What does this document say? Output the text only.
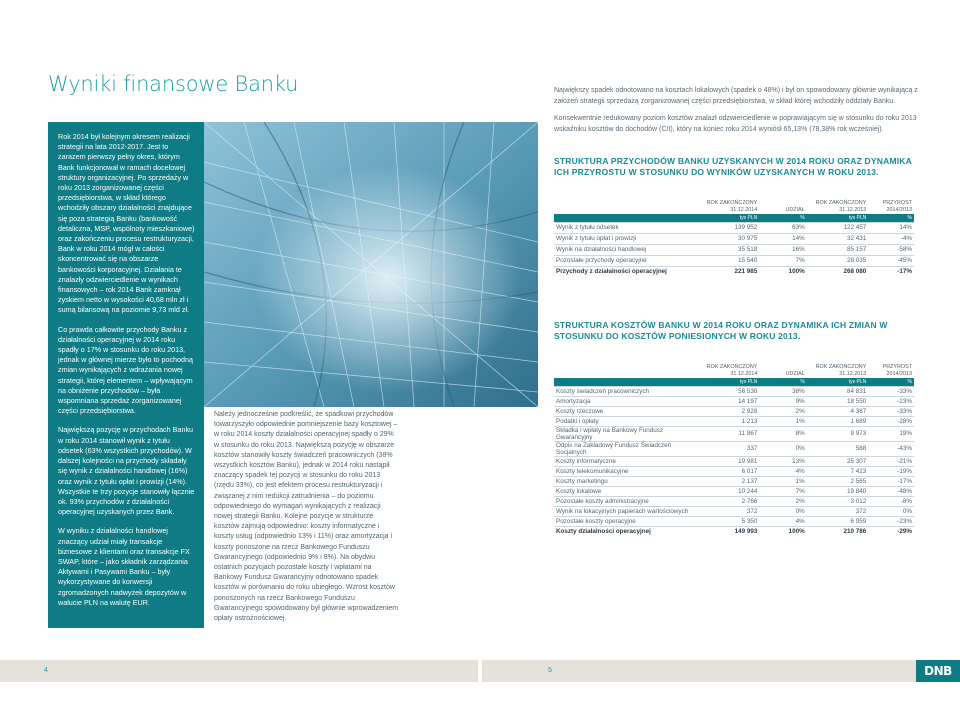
Wyniki finansowe Banku

Rok 2014 był kolejnym okresem realizacji strategii na lata 2012-2017. Jest to zarazem pierwszy pełny okres, którym Bank funkcjonował w ramach docelowej struktury organizacyjnej. Po sprzedaży w roku 2013 zorganizowanej części przedsiębiorstwa, w skład którego wchodziły obszary działalności znajdujące się poza strategią Banku (bankowość detaliczna, MSP, wspólnoty mieszkaniowe) oraz zakończeniu procesu restrukturyzacji, Bank w roku 2014 mógł w całości skoncentrować się na obszarze bankowości korporacyjnej. Działania te znalazły odzwierciedlenie w wynikach finansowych – rok 2014 Bank zamknął zyskiem netto w wysokości 40,68 mln zł i sumą bilansową na poziomie 9,73 mld zł.

Co prawda całkowite przychody Banku z działalności operacyjnej w 2014 roku spadły o 17% w stosunku do roku 2013, jednak w głównej mierze było to pochodną zmian wynikających z wdrażania nowej strategii, której elementem – wpływającym na obniżenie przychodów – była wspomniana sprzedaż zorganizowanej części przedsiębiorstwa.

Największą pozycję w przychodach Banku w roku 2014 stanowił wynik z tytułu odsetek (63% wszystkich przychodów). W dalszej kolejności na przychody składały się wynik z działalności handlowej (16%) oraz wynik z tytułu opłat i prowizji (14%). Wszystkie te trzy pozycje stanowiły łącznie ok. 93% przychodów z działalności operacyjnej uzyskanych przez Bank.

W wyniku z działalności handlowej znaczący udział miały transakcje biznesowe z klientami oraz transakcje FX SWAP, które – jako składnik zarządzania Aktywami i Pasywami Banku – były wykorzystywane do konwersji zgromadzonych nadwyżek depozytów w walucie PLN na walutę EUR.

Należy jednocześnie podkreślić, że spadkowi przychodów towarzyszyło odpowiednie pomniejszenie bazy kosztowej – w roku 2014 koszty działalności operacyjnej spadły o 29% w stosunku do roku 2013. Największą pozycję w obszarze kosztów stanowiły koszty świadczeń pracowniczych (38% wszystkich kosztów Banku), jednak w 2014 roku nastąpił znaczący spadek tej pozycji w stosunku do roku 2013 (rzędu 33%), co jest efektem procesu restrukturyzacji i związanej z nim redukcji zatrudnienia – do poziomu odpowiedniego do wymagań wynikających z realizacji nowej strategii Banku. Kolejne pozycje w strukturze kosztów zajmują odpowiednio: koszty informatyczne i koszty usług (odpowiednio 13% i 11%) oraz amortyzacja i koszty ponoszone na rzecz Bankowego Funduszu Gwarancyjnego (odpowiednio 9% i 8%). Na obydwu ostatnich pozycjach pozostałe koszty i wpłatami na Bankowy Fundusz Gwarancyjny odnotowano spadek kosztów w porównaniu do roku ubiegłego. Wzrost kosztów ponoszonych na rzecz Bankowego Funduszu Gwarancyjnego spowodowany był głównie wprowadzeniem opłaty ostrożnościowej.

Największy spadek odnotowano na kosztach lokalowych (spadek o 48%) i był on spowodowany głównie wynikającą z założeń strategii sprzedażą zorganizowanej części przedsiębiorstwa, w skład której wchodziły oddziały Banku.

Konsekwentnie redukowany poziom kosztów znalazł odzwierciedlenie w poprawiającym się w stosunku do roku 2013 wskaźniku kosztów do dochodów (C/I), który na koniec roku 2014 wyniósł 65,13% (78,38% rok wcześniej).

STRUKTURA PRZYCHODÓW BANKU UZYSKANYCH W 2014 ROKU ORAZ DYNAMIKA ICH PRZYROSTU W STOSUNKU DO WYNIKÓW UZYSKANYCH W ROKU 2013.
	ROK ZAKOŃCZONY 31.12.2014	UDZIAŁ	ROK ZAKOŃCZONY 31.12.2013	PRZYROST 2014/2013
	tys PLN	%	tys PLN	%
Wynik z tytułu odsetek	139 952	63%	122 457	14%
Wynik z tytułu opłat i prowizji	30 975	14%	32 431	-4%
Wynik na działalności handlowej	35 518	16%	85 157	-58%
Pozostałe przychody operacyjne	15 540	7%	28 035	-45%
Przychody z działalności operacyjnej	221 985	100%	268 080	-17%
STRUKTURA KOSZTÓW BANKU W 2014 ROKU ORAZ DYNAMIKA ICH ZMIAN W STOSUNKU DO KOSZTÓW PONIESIONYCH W ROKU 2013.
	ROK ZAKOŃCZONY 31.12.2014	UDZIAŁ	ROK ZAKOŃCZONY 31.12.2013	PRZYROST 2014/2013
	tys PLN	%	tys PLN	%
Koszty świadczeń pracowniczych	56 530	38%	84 831	-33%
Amortyzacja	14 197	9%	18 550	-23%
Koszty rzeczowe	2 928	2%	4 387	-33%
Podatki i opłaty	1 213	1%	1 689	-28%
Składka i wpłaty na Bankowy Fundusz Gwarancyjny	11 867	8%	9 973	19%
Odpis na Zakładowy Fundusz Świadczeń Socjalnych	337	0%	588	-43%
Koszty informatyczne	19 981	13%	25 307	-21%
Koszty telekomunikacyjne	6 017	4%	7 423	-19%
Koszty marketingu	2 137	1%	2 565	-17%
Koszty lokalowe	10 244	7%	19 840	-48%
Pozostałe koszty administracyjne	2 766	2%	3 012	-8%
Wynik na lokacyjnych papierach wartościowych	372	0%	372	0%
Pozostałe koszty operacyjne	5 350	4%	6 959	-23%
Koszty działalności operacyjnej	149 993	100%	210 786	-29%
4	5	DNB
